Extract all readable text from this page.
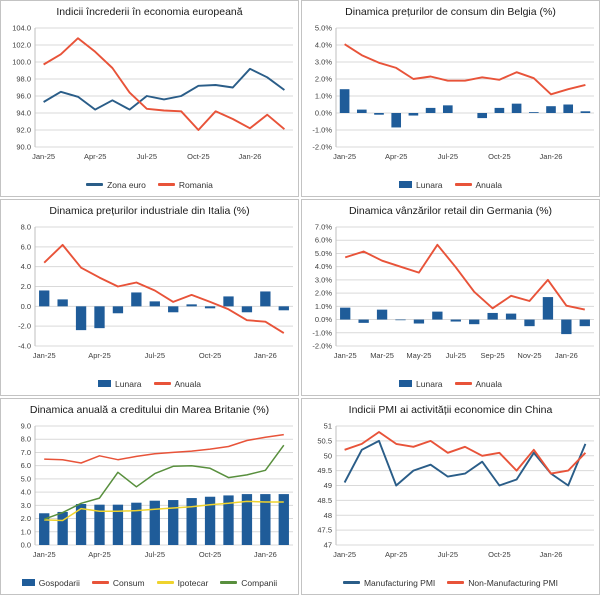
Indicii încrederii în economia europeană
90.0
92.0
94.0
96.0
98.0
100.0
102.0
104.0
Jan-25	Apr-25	Jul-25	Oct-25	Jan-26
Zona euro	Romania
Dinamica prețurilor de consum din Belgia (%)
-2.0%
-1.0%
0.0%
1.0%
2.0%
3.0%
4.0%
5.0%
Jan-25	Apr-25	Jul-25	Oct-25	Jan-26
Lunara	Anuala
Dinamica prețurilor industriale din Italia (%)
-4.0
-2.0
0.0
2.0
4.0
6.0
8.0
Jan-25	Apr-25	Jul-25	Oct-25	Jan-26
Lunara	Anuala
Dinamica vânzărilor retail din Germania (%)
-2.0%
-1.0%
0.0%
1.0%
2.0%
3.0%
4.0%
5.0%
6.0%
7.0%
Jan-25 Mar-25 May-25 Jul-25 Sep-25 Nov-25 Jan-26
Lunara	Anuala
Dinamica anuală a creditului din Marea Britanie (%)
0.0
1.0
2.0
3.0
4.0
5.0
6.0
7.0
8.0
9.0
Jan-25	Apr-25	Jul-25	Oct-25	Jan-26
Gospodarii	Consum	Ipotecar	Companii
Indicii PMI ai activității economice din China
47
47.5
48
48.5
49
49.5
50
50.5
51
Jan-25	Apr-25	Jul-25	Oct-25	Jan-26
Manufacturing PMI	Non-Manufacturing PMI
